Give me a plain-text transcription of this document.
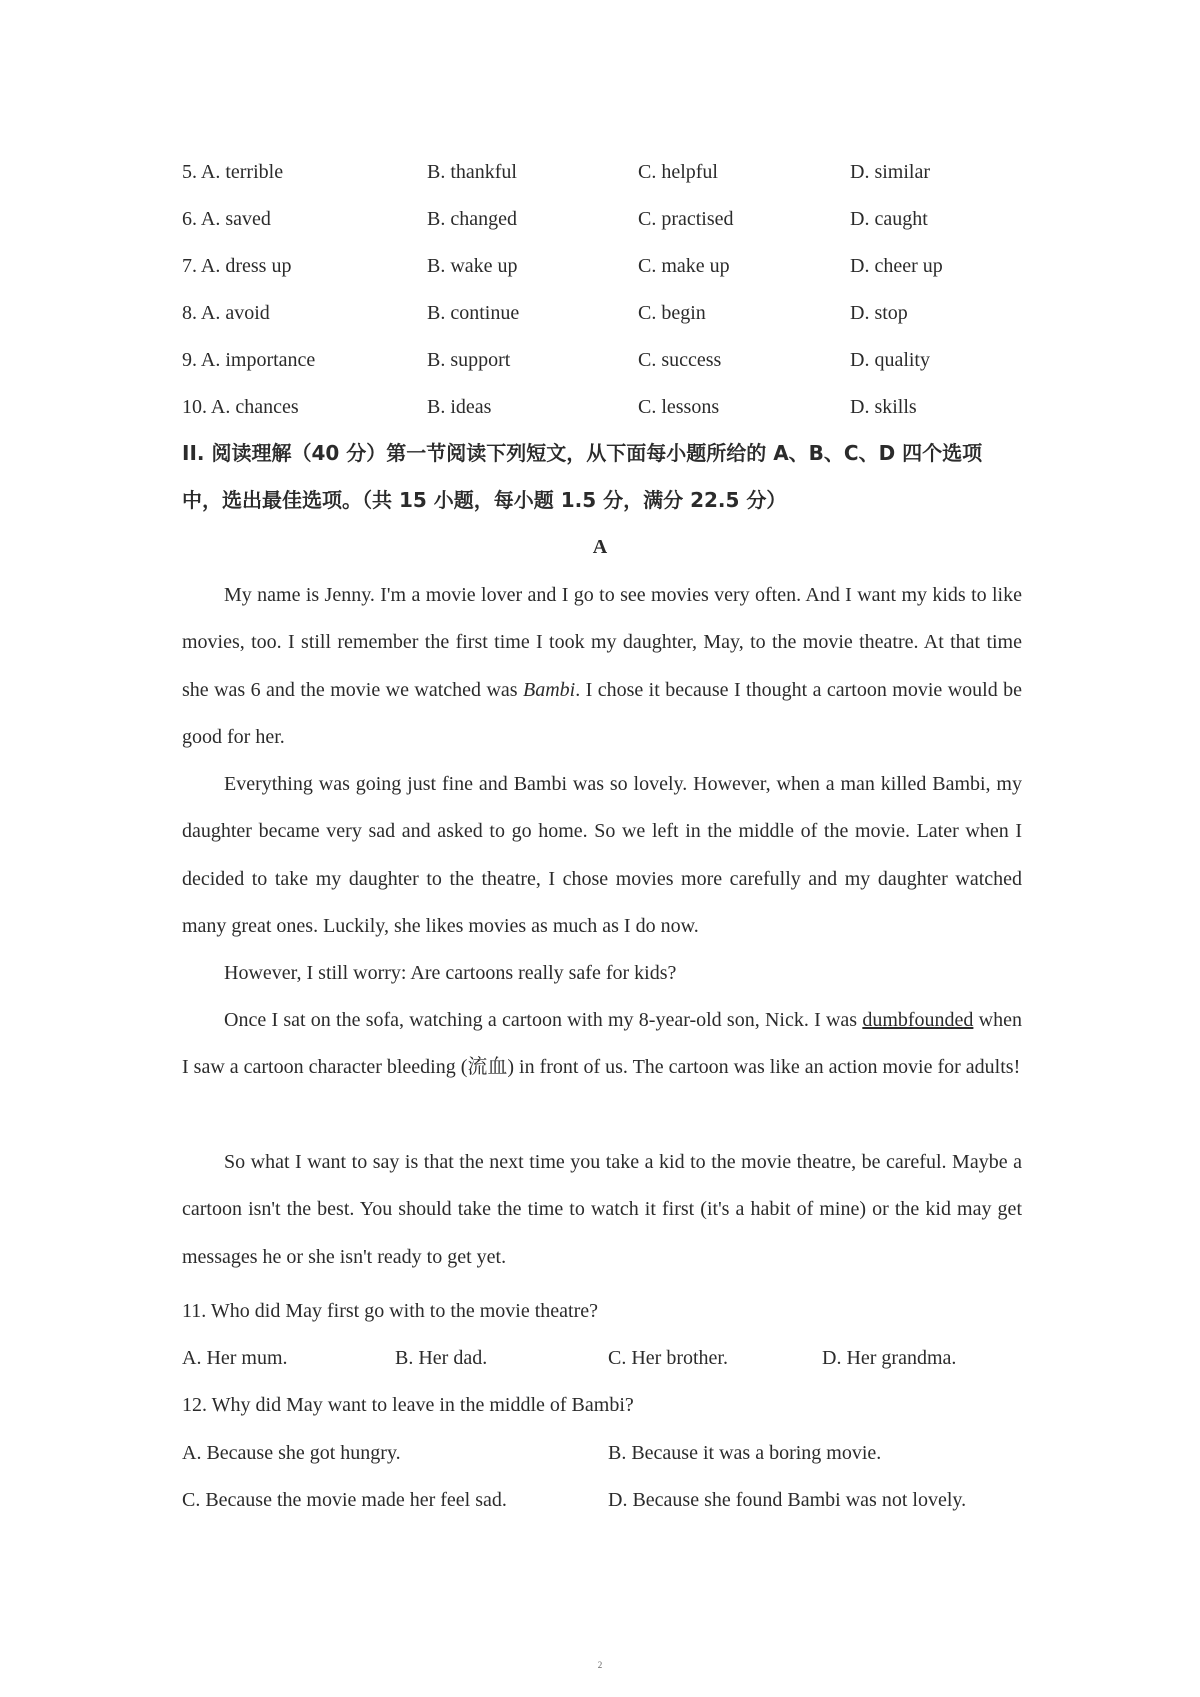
5. A. terrible	B. thankful	C. helpful	D. similar
6. A. saved	B. changed	C. practised	D. caught
7. A. dress up	B. wake up	C. make up	D. cheer up
8. A. avoid	B. continue	C. begin	D. stop
9. A. importance	B. support	C. success	D. quality
10. A. chances	B. ideas	C. lessons	D. skills
II. 阅读理解（40 分）第一节阅读下列短文，从下面每小题所给的 A、B、C、D 四个选项
中，选出最佳选项。（共 15 小题，每小题 1.5 分，满分 22.5 分）
A
My name is Jenny. I'm a movie lover and I go to see movies very often. And I want my kids to like movies, too. I still remember the first time I took my daughter, May, to the movie theatre. At that time she was 6 and the movie we watched was Bambi. I chose it because I thought a cartoon movie would be good for her.
Everything was going just fine and Bambi was so lovely. However, when a man killed Bambi, my daughter became very sad and asked to go home. So we left in the middle of the movie. Later when I decided to take my daughter to the theatre, I chose movies more carefully and my daughter watched many great ones. Luckily, she likes movies as much as I do now.
However, I still worry: Are cartoons really safe for kids?
Once I sat on the sofa, watching a cartoon with my 8-year-old son, Nick. I was dumbfounded when I saw a cartoon character bleeding (流血) in front of us. The cartoon was like an action movie for adults!
So what I want to say is that the next time you take a kid to the movie theatre, be careful. Maybe a cartoon isn't the best. You should take the time to watch it first (it's a habit of mine) or the kid may get messages he or she isn't ready to get yet.
11. Who did May first go with to the movie theatre?
A. Her mum.	B. Her dad.	C. Her brother.	D. Her grandma.
12. Why did May want to leave in the middle of Bambi?
A. Because she got hungry.	B. Because it was a boring movie.
C. Because the movie made her feel sad.	D. Because she found Bambi was not lovely.
2
